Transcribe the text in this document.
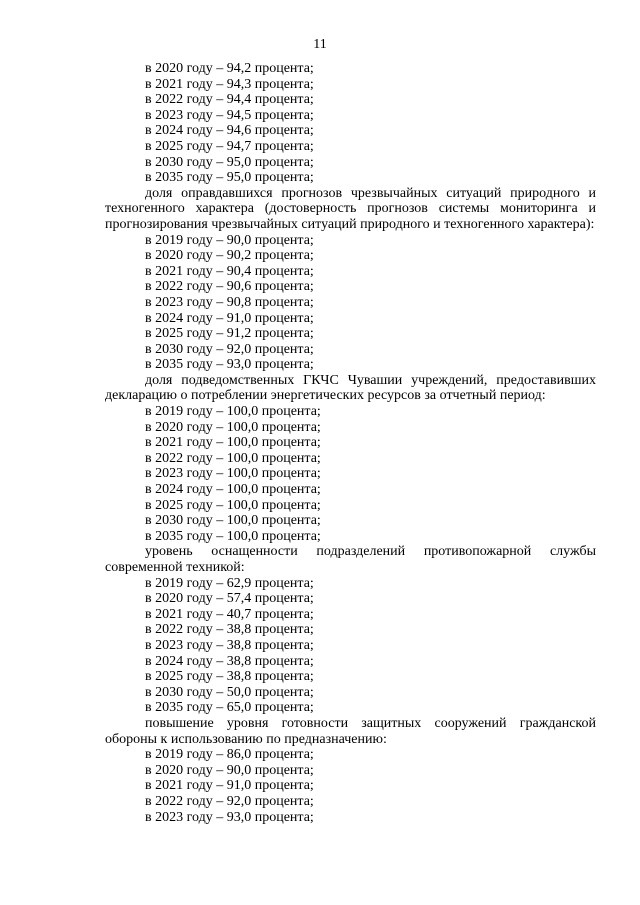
11
в 2020 году – 94,2 процента;
в 2021 году – 94,3 процента;
в 2022 году – 94,4 процента;
в 2023 году – 94,5 процента;
в 2024 году – 94,6 процента;
в 2025 году – 94,7 процента;
в 2030 году – 95,0 процента;
в 2035 году – 95,0 процента;
доля оправдавшихся прогнозов чрезвычайных ситуаций природного и техногенного характера (достоверность прогнозов системы мониторинга и прогнозирования чрезвычайных ситуаций природного и техногенного характера):
в 2019 году – 90,0 процента;
в 2020 году – 90,2 процента;
в 2021 году – 90,4 процента;
в 2022 году – 90,6 процента;
в 2023 году – 90,8 процента;
в 2024 году – 91,0 процента;
в 2025 году – 91,2 процента;
в 2030 году – 92,0 процента;
в 2035 году – 93,0 процента;
доля подведомственных ГКЧС Чувашии учреждений, предоставивших декларацию о потреблении энергетических ресурсов за отчетный период:
в 2019 году – 100,0 процента;
в 2020 году – 100,0 процента;
в 2021 году – 100,0 процента;
в 2022 году – 100,0 процента;
в 2023 году – 100,0 процента;
в 2024 году – 100,0 процента;
в 2025 году – 100,0 процента;
в 2030 году – 100,0 процента;
в 2035 году – 100,0 процента;
уровень оснащенности подразделений противопожарной службы современной техникой:
в 2019 году – 62,9 процента;
в 2020 году – 57,4 процента;
в 2021 году – 40,7 процента;
в 2022 году – 38,8 процента;
в 2023 году – 38,8 процента;
в 2024 году – 38,8 процента;
в 2025 году – 38,8 процента;
в 2030 году – 50,0 процента;
в 2035 году – 65,0 процента;
повышение уровня готовности защитных сооружений гражданской обороны к использованию по предназначению:
в 2019 году – 86,0 процента;
в 2020 году – 90,0 процента;
в 2021 году – 91,0 процента;
в 2022 году – 92,0 процента;
в 2023 году – 93,0 процента;
